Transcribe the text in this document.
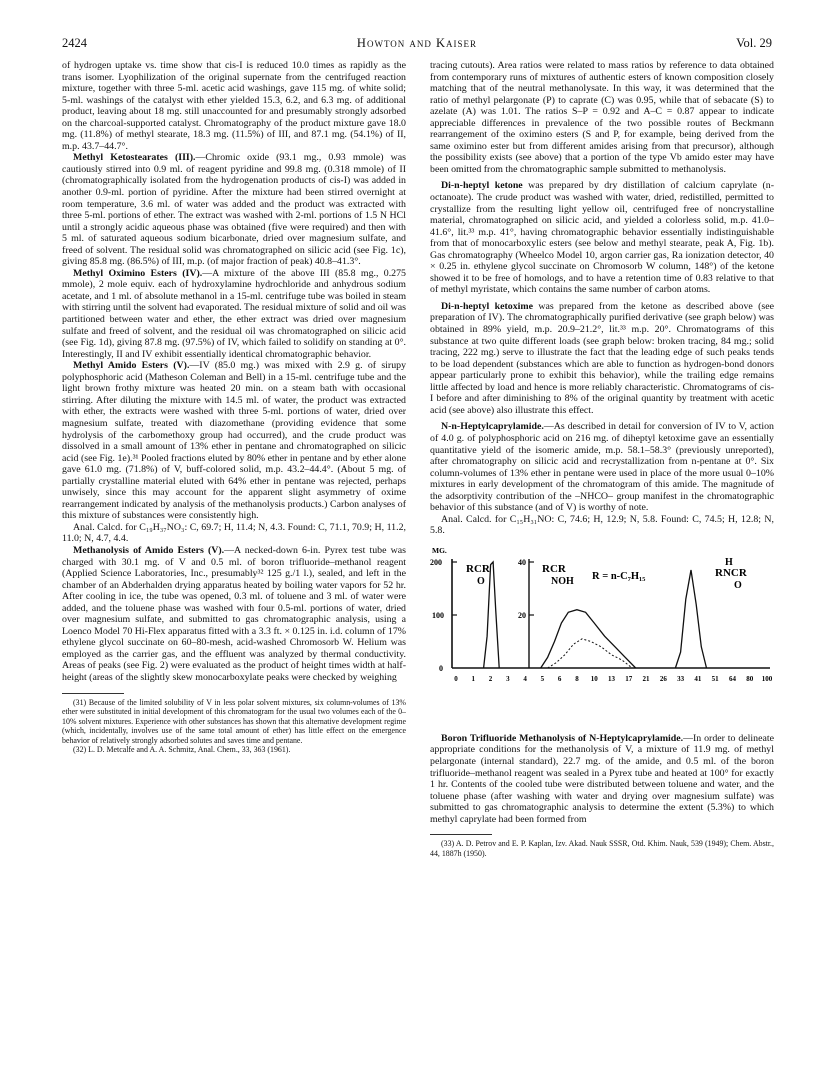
2424	Howton and Kaiser	Vol. 29

of hydrogen uptake vs. time show that cis-I is reduced 10.0 times as rapidly as the trans isomer. Lyophilization of the original supernate from the centrifuged reaction mixture, together with three 5-ml. acetic acid washings, gave 115 mg. of white solid; 5-ml. washings of the catalyst with ether yielded 15.3, 6.2, and 6.3 mg. of additional product, leaving about 18 mg. still unaccounted for and presumably strongly adsorbed on the charcoal-supported catalyst. Chromatography of the product mixture gave 18.0 mg. (11.8%) of methyl stearate, 18.3 mg. (11.5%) of III, and 87.1 mg. (54.1%) of II, m.p. 43.7–44.7°.

Methyl Ketostearates (III).—Chromic oxide (93.1 mg., 0.93 mmole) was cautiously stirred into 0.9 ml. of reagent pyridine and 99.8 mg. (0.318 mmole) of II (chromatographically isolated from the hydrogenation products of cis-I) was added in another 0.9-ml. portion of pyridine. After the mixture had been stirred overnight at room temperature, 3.6 ml. of water was added and the product was extracted with three 5-ml. portions of ether. The extract was washed with 2-ml. portions of 1.5 N HCl until a strongly acidic aqueous phase was obtained (five were required) and then with 5 ml. of saturated aqueous sodium bicarbonate, dried over magnesium sulfate, and freed of solvent. The residual solid was chromatographed on silicic acid (see Fig. 1c), giving 85.8 mg. (86.5%) of III, m.p. (of major fraction of peak) 40.8–41.3°.

Methyl Oximino Esters (IV).—A mixture of the above III (85.8 mg., 0.275 mmole), 2 mole equiv. each of hydroxylamine hydrochloride and anhydrous sodium acetate, and 1 ml. of absolute methanol in a 15-ml. centrifuge tube was boiled in steam with stirring until the solvent had evaporated. The residual mixture of solid and oil was partitioned between water and ether, the ether extract was dried over magnesium sulfate and freed of solvent, and the residual oil was chromatographed on silicic acid (see Fig. 1d), giving 87.8 mg. (97.5%) of IV, which failed to solidify on standing at 0°. Interestingly, II and IV exhibit essentially identical chromatographic behavior.

Methyl Amido Esters (V).—IV (85.0 mg.) was mixed with 2.9 g. of sirupy polyphosphoric acid (Matheson Coleman and Bell) in a 15-ml. centrifuge tube and the light brown frothy mixture was heated 20 min. on a steam bath with occasional stirring. After diluting the mixture with 14.5 ml. of water, the product was extracted with ether, the extracts were washed with three 5-ml. portions of water, dried over magnesium sulfate, treated with diazomethane (providing evidence that some hydrolysis of the carbomethoxy group had occurred), and the crude product was dissolved in a small amount of 13% ether in pentane and chromatographed on silicic acid (see Fig. 1e).³¹ Pooled fractions eluted by 80% ether in pentane and by ether alone gave 61.0 mg. (71.8%) of V, buff-colored solid, m.p. 43.2–44.4°. (About 5 mg. of partially crystalline material eluted with 64% ether in pentane was rejected, perhaps unwisely, since this may account for the apparent slight asymmetry of oxime rearrangement indicated by analysis of the methanolysis products.) Carbon analyses of this mixture of substances were consistently high.

Anal. Calcd. for C₁₉H₃₇NO₃: C, 69.7; H, 11.4; N, 4.3. Found: C, 71.1, 70.9; H, 11.2, 11.0; N, 4.7, 4.4.

Methanolysis of Amido Esters (V).—A necked-down 6-in. Pyrex test tube was charged with 30.1 mg. of V and 0.5 ml. of boron trifluoride–methanol reagent (Applied Science Laboratories, Inc., presumably³² 125 g./1 l.), sealed, and left in the chamber of an Abderhalden drying apparatus heated by boiling water vapors for 52 hr. After cooling in ice, the tube was opened, 0.3 ml. of toluene and 3 ml. of water were added, and the toluene phase was washed with four 0.5-ml. portions of water, dried over magnesium sulfate, and submitted to gas chromatographic analysis, using a Loenco Model 70 Hi-Flex apparatus fitted with a 3.3 ft. × 0.125 in. i.d. column of 17% ethylene glycol succinate on 60–80-mesh, acid-washed Chromosorb W. Helium was employed as the carrier gas, and the effluent was analyzed by thermal conductivity. Areas of peaks (see Fig. 2) were evaluated as the product of height times width at half-height (areas of the slightly skew monocarboxylate peaks were checked by weighing

(31) Because of the limited solubility of V in less polar solvent mixtures, six column-volumes of 13% ether were substituted in initial development of this chromatogram for the usual two volumes each of the 0–10% solvent mixtures. Experience with other substances has shown that this alternative development regime (which, incidentally, involves use of the same total amount of ether) has little effect on the emergence behavior of relatively strongly adsorbed solutes and saves time and pentane.

(32) L. D. Metcalfe and A. A. Schmitz, Anal. Chem., 33, 363 (1961).

tracing cutouts). Area ratios were related to mass ratios by reference to data obtained from contemporary runs of mixtures of authentic esters of known composition closely matching that of the neutral methanolysate. In this way, it was determined that the ratio of methyl pelargonate (P) to caprate (C) was 0.95, while that of sebacate (S) to azelate (A) was 1.01. The ratios S–P = 0.92 and A–C = 0.87 appear to indicate appreciable differences in prevalence of the two possible routes of Beckmann rearrangement of the oximino esters (S and P, for example, being derived from the same oximino ester but from different amides arising from that precursor), although the possibility exists (see above) that a portion of the type Vb amido ester may have been omitted from the chromatographic sample submitted to methanolysis.

Di-n-heptyl ketone was prepared by dry distillation of calcium caprylate (n-octanoate). The crude product was washed with water, dried, redistilled, permitted to crystallize from the resulting light yellow oil, centrifuged free of noncrystalline material, chromatographed on silicic acid, and yielded a colorless solid, m.p. 41.0–41.6°, lit.³³ m.p. 41°, having chromatographic behavior essentially indistinguishable from that of monocarboxylic esters (see below and methyl stearate, peak A, Fig. 1b). Gas chromatography (Wheelco Model 10, argon carrier gas, Ra ionization detector, 40 × 0.25 in. ethylene glycol succinate on Chromosorb W column, 148°) of the ketone showed it to be free of homologs, and to have a retention time of 0.83 relative to that of methyl myristate, which contains the same number of carbon atoms.

Di-n-heptyl ketoxime was prepared from the ketone as described above (see preparation of IV). The chromatographically purified derivative (see graph below) was obtained in 89% yield, m.p. 20.9–21.2°, lit.³³ m.p. 20°. Chromatograms of this substance at two quite different loads (see graph below: broken tracing, 84 mg.; solid tracing, 222 mg.) serve to illustrate the fact that the leading edge of such peaks tends to be load dependent (substances which are able to function as hydrogen-bond donors appear particularly prone to exhibit this behavior), while the trailing edge remains little affected by load and hence is more reliably characteristic. Chromatograms of cis-I before and after diminishing to 8% of the original quantity by treatment with acetic acid (see above) also illustrate this effect.

N-n-Heptylcaprylamide.—As described in detail for conversion of IV to V, action of 4.0 g. of polyphosphoric acid on 216 mg. of diheptyl ketoxime gave an essentially quantitative yield of the isomeric amide, m.p. 58.1–58.3° (previously unreported), after chromatography on silicic acid and recrystallization from n-pentane at 0°. Six column-volumes of 13% ether in pentane were used in place of the more usual 0–10% mixtures in early development of the chromatogram of this amide. The magnitude of the adsorptivity contribution of the –NHCO– group manifest in the chromatographic behavior of this substance (and of V) is worthy of note.

Anal. Calcd. for C₁₅H₃₁NO: C, 74.6; H, 12.9; N, 5.8. Found: C, 74.5; H, 12.8; N, 5.8.

MG.
200
100
0
40
20
0 1 2 3 4 5 6 8 10 13 17 21 26 33 41 51 64 80 100
RCR
O
RCR
NOH R = n-C₇H₁₅
H
RNCR
O

Boron Trifluoride Methanolysis of N-Heptylcaprylamide.—In order to delineate appropriate conditions for the methanolysis of V, a mixture of 11.9 mg. of methyl pelargonate (internal standard), 22.7 mg. of the amide, and 0.5 ml. of the boron trifluoride–methanol reagent was sealed in a Pyrex tube and heated at 100° for exactly 1 hr. Contents of the cooled tube were distributed between toluene and water, and the toluene phase (after washing with water and drying over magnesium sulfate) was submitted to gas chromatographic analysis to determine the extent (5.3%) to which methyl caprylate had been formed from

(33) A. D. Petrov and E. P. Kaplan, Izv. Akad. Nauk SSSR, Otd. Khim. Nauk, 539 (1949); Chem. Abstr., 44, 1887h (1950).
